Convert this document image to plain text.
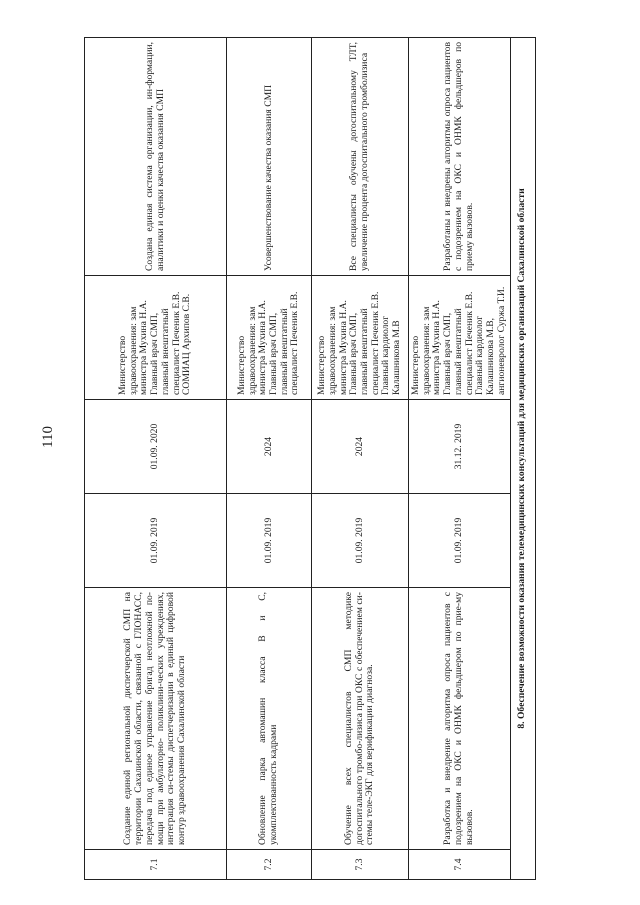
110
7.1	Создание единой региональной диспетчерской СМП на территории Сахалинской области, связанной с ГЛОНАСС, передача под единое управление бригад неотложной по-мощи при амбулаторно- поликлини-ческих учреждениях, интеграция си-стемы диспетчеризации в единый цифровой контур здравоохранения Сахалинской области	01.09. 2019	01.09. 2020	Министерство здравоохранения: зам министра Мухина Н.А. Главный врач СМП, главный внештатный специалист Печеник Е.В. СОМИАЦ Архипов С.В.	Создана единая система организации, ин-формации, аналитики и оценки качества оказания СМП
7.2	Обновление парка автомашин класса В и С, укомплектованность кадрами	01.09. 2019	2024	Министерство здравоохранения: зам министра Мухина Н.А. Главный врач СМП, главный внештатный специалист Печеник Е.В.	Усовершенствование качества оказания СМП
7.3	Обучение всех специалистов СМП методике догоспитального тромбо-лизиса при ОКС с обеспечением си-стемы теле-ЭКГ для верификации диагноза.	01.09. 2019	2024	Министерство здравоохранения: зам министра Мухина Н.А. Главный врач СМП, главный внештатный специалист Печеник Е.В. Главный кардиолог Калашникова М.В	Все специалисты обучены догоспитальному ТЛТ, увеличение процента догоспитального тромболизиса
7.4	Разработка и внедрение алгоритма опроса пациентов с подозрением на ОКС и ОНМК фельдшером по прие-му вызовов.	01.09. 2019	31.12. 2019	Министерство здравоохранения: зам министра Мухина Н.А. Главный врач СМП, главный внештатный специалист Печеник Е.В. Главный кардиолог Калашникова М.В, ангионевролог Суржа Т.И.	Разработаны и внедрены алгоритмы опроса пациентов с подозрением на ОКС и ОНМК фельдшеров по приему вызовов.
8. Обеспечение возможности оказания телемедицинских консультаций для медицинских организаций Сахалинской области					
